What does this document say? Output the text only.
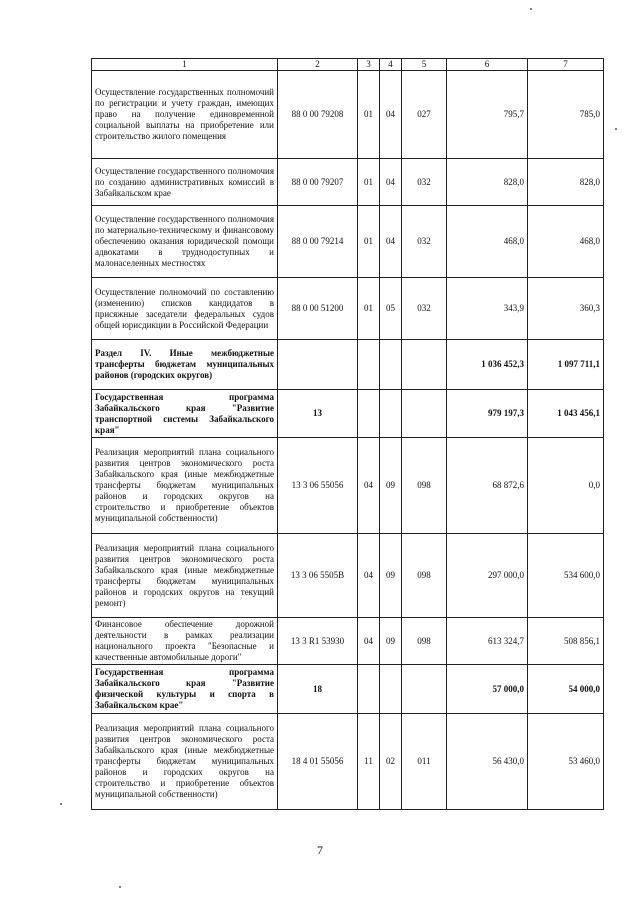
1	2	3	4	5	6	7
Осуществление государственных полномочий по регистрации и учету граждан, имеющих право на получение единовременной социальной выплаты на приобретение или строительство жилого помещения	88 0 00 79208	01	04	027	795,7	785,0
Осуществление государственного полномочия по созданию административных комиссий в Забайкальском крае	88 0 00 79207	01	04	032	828,0	828,0
Осуществление государственного полномочия по материально-техническому и финансовому обеспечению оказания юридической помощи адвокатами в труднодоступных и малонаселенных местностях	88 0 00 79214	01	04	032	468,0	468,0
Осуществление полномочий по составлению (изменению) списков кандидатов в присяжные заседатели федеральных судов общей юрисдикции в Российской Федерации	88 0 00 51200	01	05	032	343,9	360,3
Раздел IV. Иные межбюджетные трансферты бюджетам муниципальных районов (городских округов)					1 036 452,3	1 097 711,1
Государственная программа Забайкальского края "Развитие транспортной системы Забайкальского края"	13				979 197,3	1 043 456,1
Реализация мероприятий плана социального развития центров экономического роста Забайкальского края (иные межбюджетные трансферты бюджетам муниципальных районов и городских округов на строительство и приобретение объектов муниципальной собственности)	13 3 06 55056	04	09	098	68 872,6	0,0
Реализация мероприятий плана социального развития центров экономического роста Забайкальского края (иные межбюджетные трансферты бюджетам муниципальных районов и городских округов на текущий ремонт)	13 3 06 5505В	04	09	098	297 000,0	534 600,0
Финансовое обеспечение дорожной деятельности в рамках реализации национального проекта "Безопасные и качественные автомобильные дороги"	13 3 R1 53930	04	09	098	613 324,7	508 856,1
Государственная программа Забайкальского края "Развитие физической культуры и спорта в Забайкальском крае"	18				57 000,0	54 000,0
Реализация мероприятий плана социального развития центров экономического роста Забайкальского края (иные межбюджетные трансферты бюджетам муниципальных районов и городских округов на строительство и приобретение объектов муниципальной собственности)	18 4 01 55056	11	02	011	56 430,0	53 460,0
7
